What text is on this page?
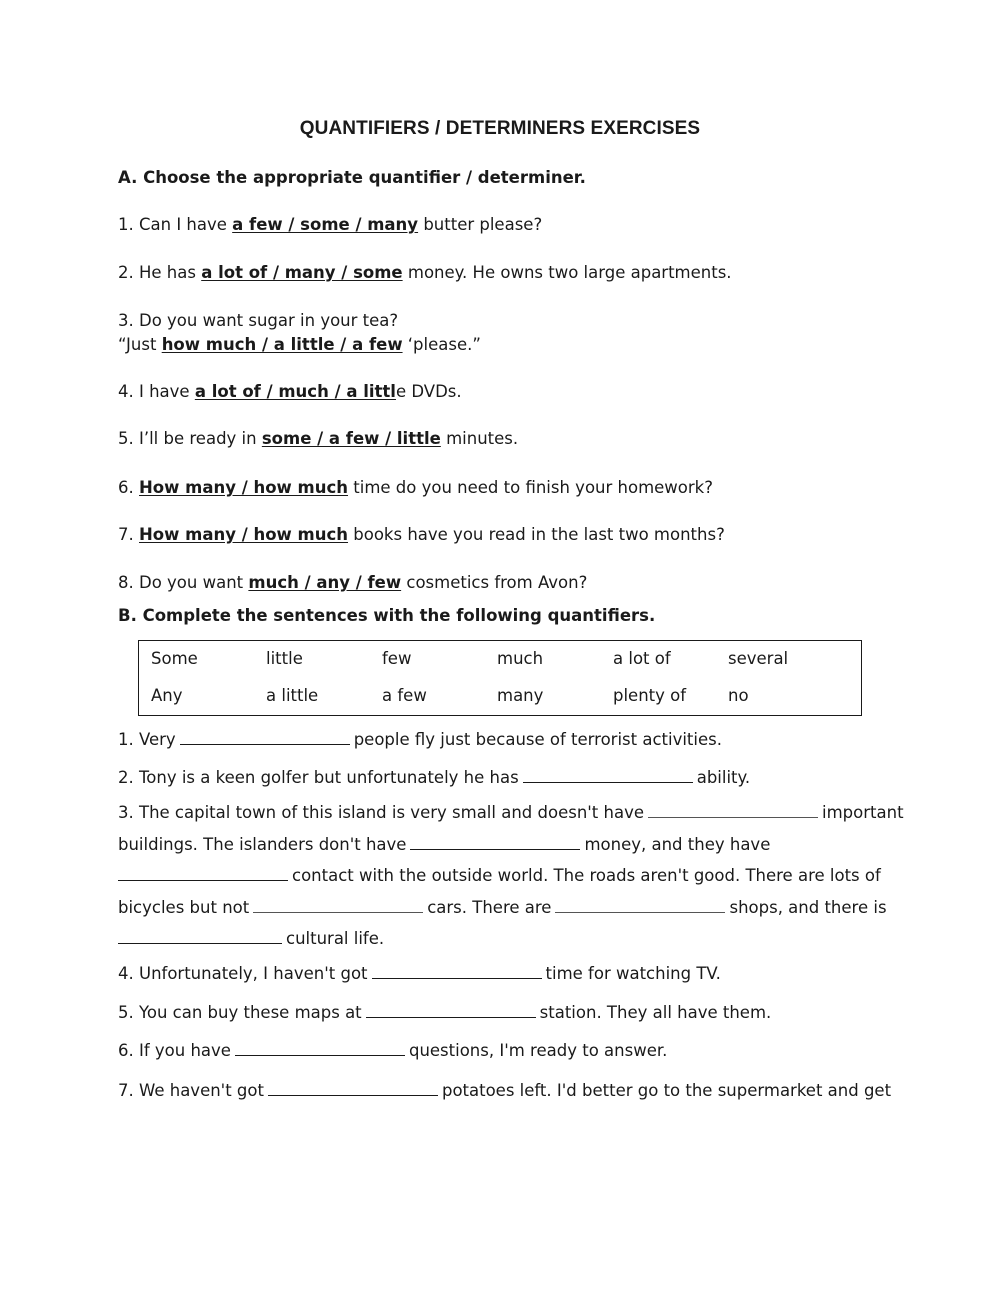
QUANTIFIERS / DETERMINERS EXERCISES
A. Choose the appropriate quantifier / determiner.
1. Can I have a few / some / many butter please?
2. He has a lot of / many / some money. He owns two large apartments.
3. Do you want sugar in your tea?
“Just how much / a little / a few ‘please.”
4. I have a lot of / much / a little DVDs.
5. I’ll be ready in some / a few / little minutes.
6. How many / how much time do you need to finish your homework?
7. How many / how much books have you read in the last two months?
8. Do you want much / any / few cosmetics from Avon?
B. Complete the sentences with the following quantifiers.
Some	little	few	much	a lot of	several
Any	a little	a few	many	plenty of	no
1. Very	people fly just because of terrorist activities.
2. Tony is a keen golfer but unfortunately he has	ability.
3. The capital town of this island is very small and doesn't have	important
buildings. The islanders don't have	money, and they have
contact with the outside world. The roads aren't good. There are lots of
bicycles but not	cars. There are	shops, and there is
cultural life.
4. Unfortunately, I haven't got	time for watching TV.
5. You can buy these maps at	station. They all have them.
6. If you have	questions, I'm ready to answer.
7. We haven't got	potatoes left. I'd better go to the supermarket and get
